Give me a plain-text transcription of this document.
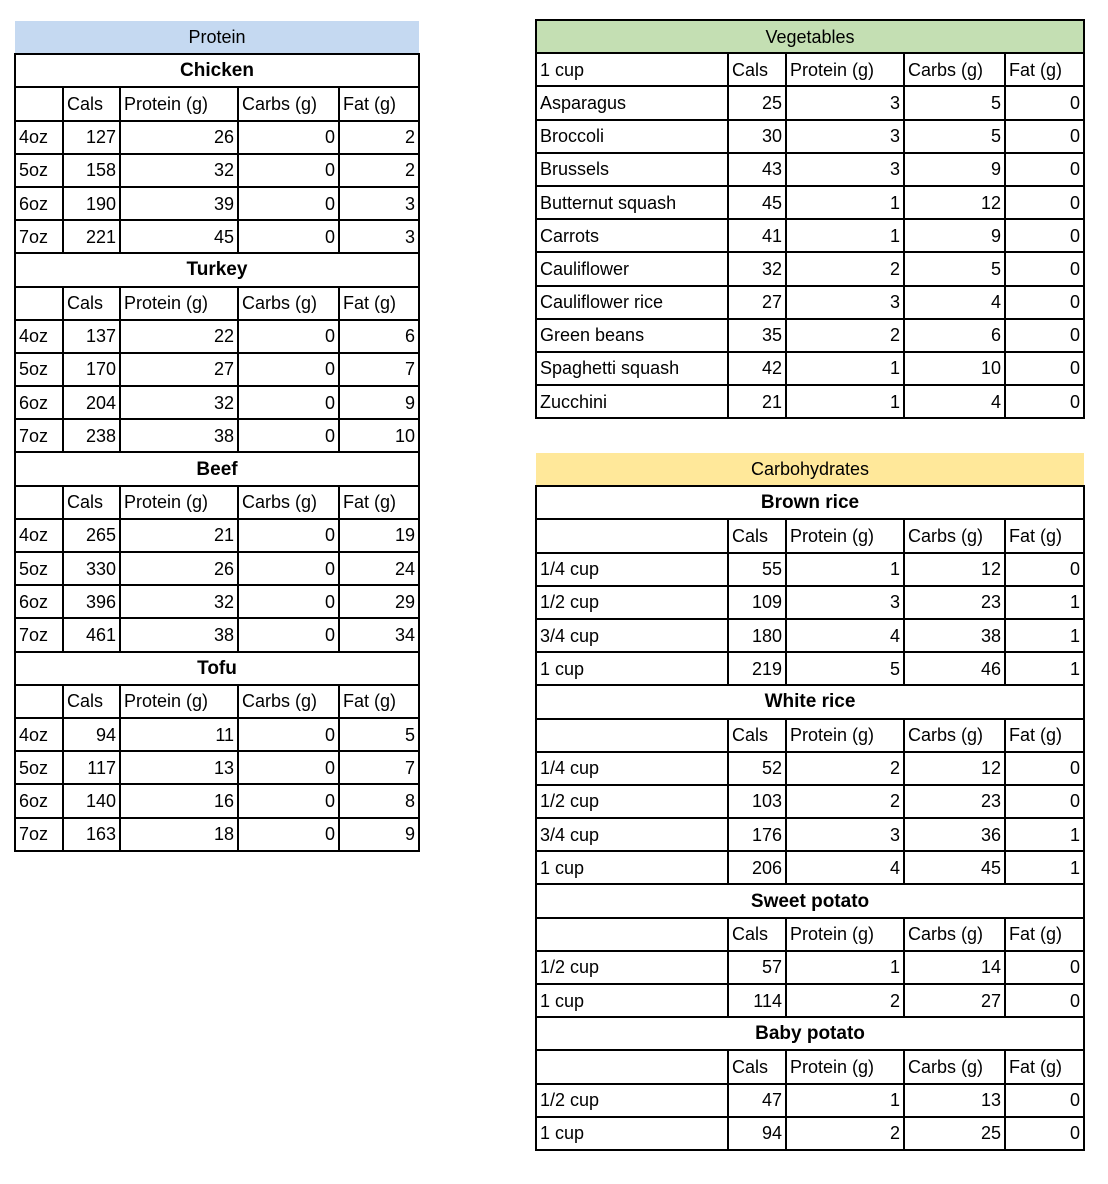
Protein				
Chicken				
	Cals	Protein (g)	Carbs (g)	Fat (g)
4oz	127	26	0	2
5oz	158	32	0	2
6oz	190	39	0	3
7oz	221	45	0	3
Turkey				
	Cals	Protein (g)	Carbs (g)	Fat (g)
4oz	137	22	0	6
5oz	170	27	0	7
6oz	204	32	0	9
7oz	238	38	0	10
Beef				
	Cals	Protein (g)	Carbs (g)	Fat (g)
4oz	265	21	0	19
5oz	330	26	0	24
6oz	396	32	0	29
7oz	461	38	0	34
Tofu				
	Cals	Protein (g)	Carbs (g)	Fat (g)
4oz	94	11	0	5
5oz	117	13	0	7
6oz	140	16	0	8
7oz	163	18	0	9
Vegetables				
1 cup	Cals	Protein (g)	Carbs (g)	Fat (g)
Asparagus	25	3	5	0
Broccoli	30	3	5	0
Brussels	43	3	9	0
Butternut squash	45	1	12	0
Carrots	41	1	9	0
Cauliflower	32	2	5	0
Cauliflower rice	27	3	4	0
Green beans	35	2	6	0
Spaghetti squash	42	1	10	0
Zucchini	21	1	4	0
Carbohydrates				
Brown rice				
	Cals	Protein (g)	Carbs (g)	Fat (g)
1/4 cup	55	1	12	0
1/2 cup	109	3	23	1
3/4 cup	180	4	38	1
1 cup	219	5	46	1
White rice				
	Cals	Protein (g)	Carbs (g)	Fat (g)
1/4 cup	52	2	12	0
1/2 cup	103	2	23	0
3/4 cup	176	3	36	1
1 cup	206	4	45	1
Sweet potato				
	Cals	Protein (g)	Carbs (g)	Fat (g)
1/2 cup	57	1	14	0
1 cup	114	2	27	0
Baby potato				
	Cals	Protein (g)	Carbs (g)	Fat (g)
1/2 cup	47	1	13	0
1 cup	94	2	25	0
